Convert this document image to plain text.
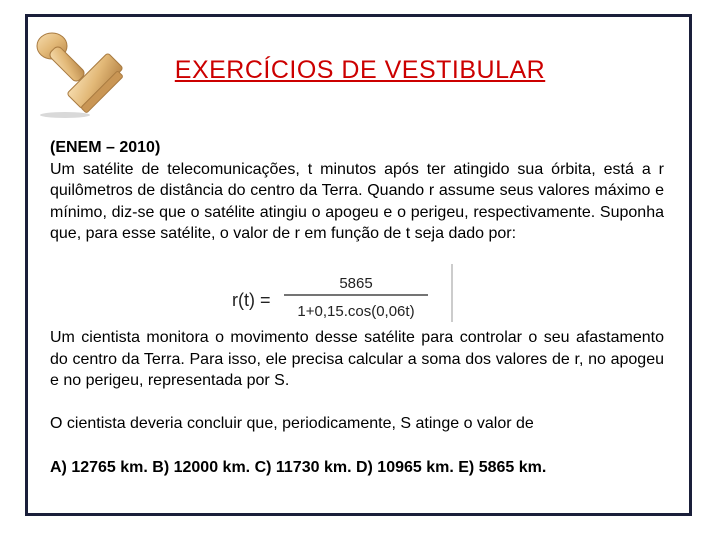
EXERCÍCIOS DE VESTIBULAR

(ENEM – 2010)
Um satélite de telecomunicações, t minutos após ter atingido sua órbita, está a r quilômetros de distância do centro da Terra. Quando r assume seus valores máximo e mínimo, diz-se que o satélite atingiu o apogeu e o perigeu, respectivamente. Suponha que, para esse satélite, o valor de r em função de t seja dado por:

r(t) =
5865
1+0,15.cos(0,06t)

Um cientista monitora o movimento desse satélite para controlar o seu afastamento do centro da Terra. Para isso, ele precisa calcular a soma dos valores de r, no apogeu e no perigeu, representada por S.

O cientista deveria concluir que, periodicamente, S atinge o valor de

A) 12765 km. B) 12000 km. C) 11730 km. D) 10965 km. E) 5865 km.
